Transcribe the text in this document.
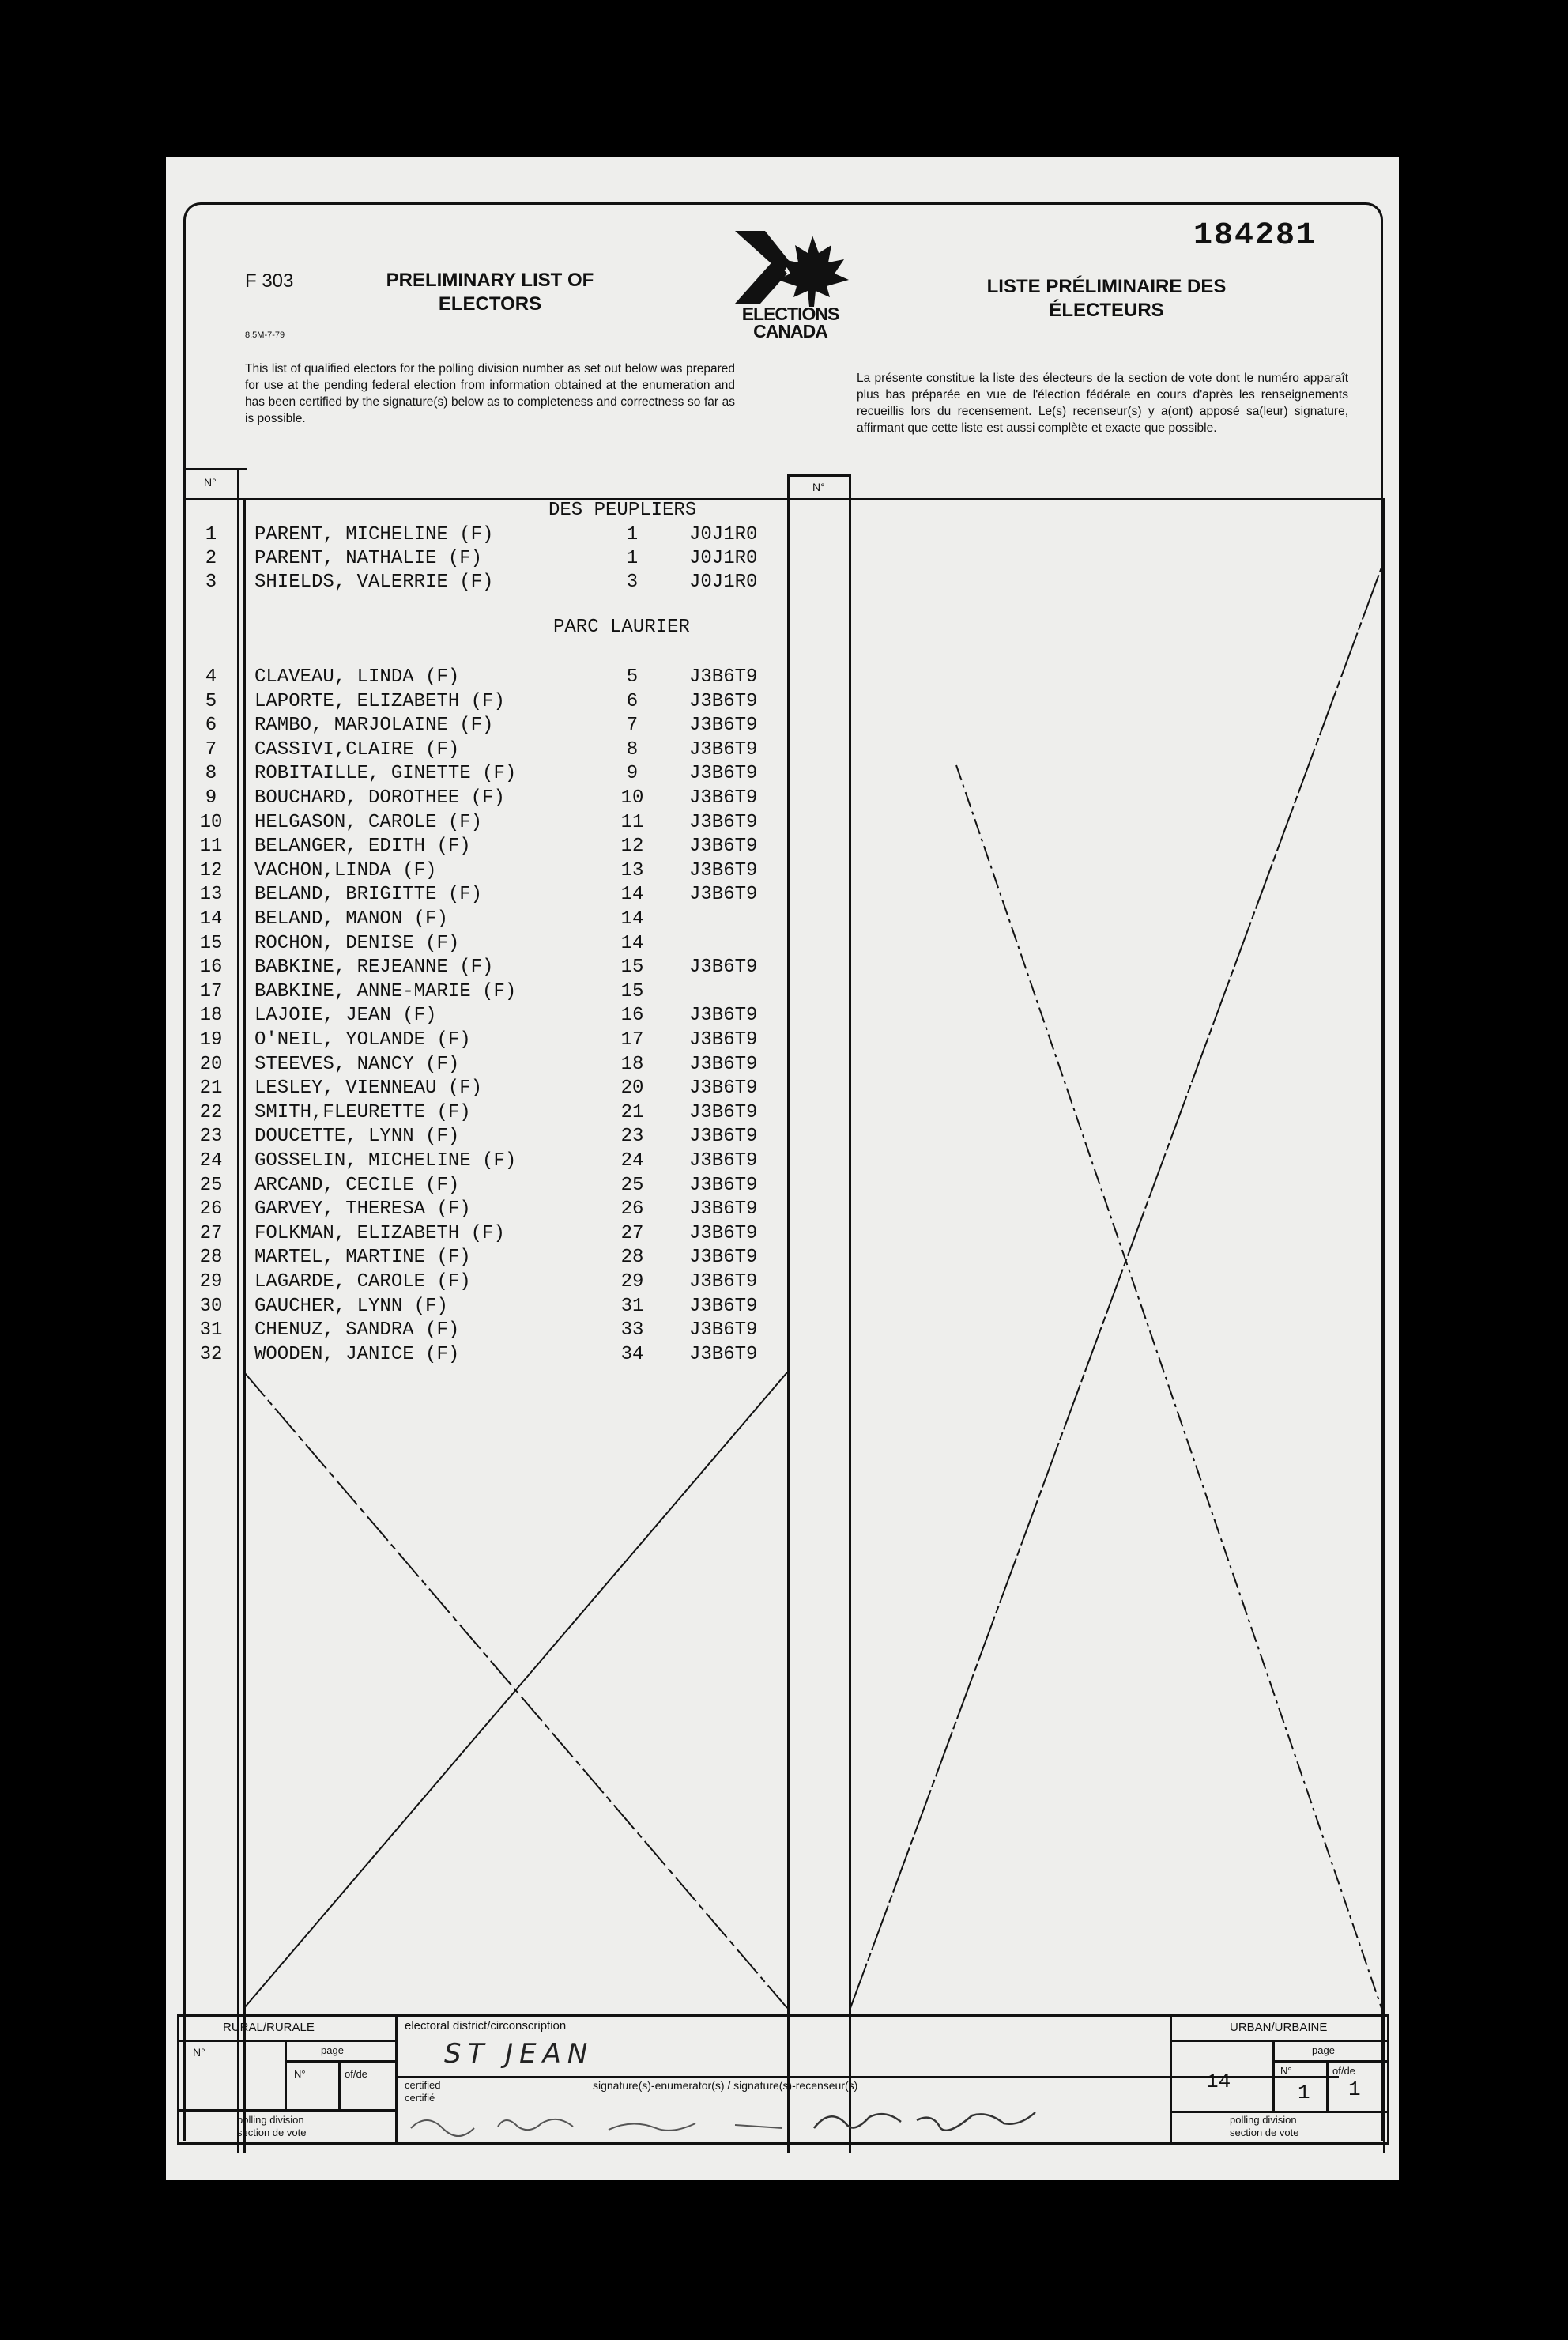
184281
F 303
8.5M-7-79
PRELIMINARY LIST OF
ELECTORS	ELECTIONS
CANADA
LISTE PRÉLIMINAIRE DES
ÉLECTEURS
This list of qualified electors for the polling division number as set out below was prepared for use at the pending federal election from information obtained at the enumeration and has been certified by the signature(s) below as to completeness and correctness so far as is possible.
La présente constitue la liste des électeurs de la section de vote dont le numéro apparaît plus bas préparée en vue de l'élection fédérale en cours d'après les renseignements recueillis lors du recensement. Le(s) recenseur(s) y a(ont) apposé sa(leur) signature, affirmant que cette liste est aussi complète et exacte que possible.
N°	N°
DES PEUPLIERS
1	PARENT, MICHELINE (F)	1	J0J1R0
2	PARENT, NATHALIE (F)	1	J0J1R0
3	SHIELDS, VALERRIE (F)	3	J0J1R0
PARC LAURIER
4	CLAVEAU, LINDA (F)	5	J3B6T9
5	LAPORTE, ELIZABETH (F)	6	J3B6T9
6	RAMBO, MARJOLAINE (F)	7	J3B6T9
7	CASSIVI,CLAIRE (F)	8	J3B6T9
8	ROBITAILLE, GINETTE (F)	9	J3B6T9
9	BOUCHARD, DOROTHEE (F)	10	J3B6T9
10	HELGASON, CAROLE (F)	11	J3B6T9
11	BELANGER, EDITH (F)	12	J3B6T9
12	VACHON,LINDA (F)	13	J3B6T9
13	BELAND, BRIGITTE (F)	14	J3B6T9
14	BELAND, MANON (F)	14
15	ROCHON, DENISE (F)	14
16	BABKINE, REJEANNE (F)	15	J3B6T9
17	BABKINE, ANNE-MARIE (F)	15
18	LAJOIE, JEAN (F)	16	J3B6T9
19	O'NEIL, YOLANDE (F)	17	J3B6T9
20	STEEVES, NANCY (F)	18	J3B6T9
21	LESLEY, VIENNEAU (F)	20	J3B6T9
22	SMITH,FLEURETTE (F)	21	J3B6T9
23	DOUCETTE, LYNN (F)	23	J3B6T9
24	GOSSELIN, MICHELINE (F)	24	J3B6T9
25	ARCAND, CECILE (F)	25	J3B6T9
26	GARVEY, THERESA (F)	26	J3B6T9
27	FOLKMAN, ELIZABETH (F)	27	J3B6T9
28	MARTEL, MARTINE (F)	28	J3B6T9
29	LAGARDE, CAROLE (F)	29	J3B6T9
30	GAUCHER, LYNN (F)	31	J3B6T9
31	CHENUZ, SANDRA (F)	33	J3B6T9
32	WOODEN, JANICE (F)	34	J3B6T9
RURAL/RURALE
N°	page
N°	of/de
polling division
section de vote
electoral district/circonscription
ST JEAN
certified
certifié
signature(s)-enumerator(s) / signature(s)-recenseur(s)
URBAN/URBAINE
page
N°	of/de
14	1 1
polling division
section de vote
